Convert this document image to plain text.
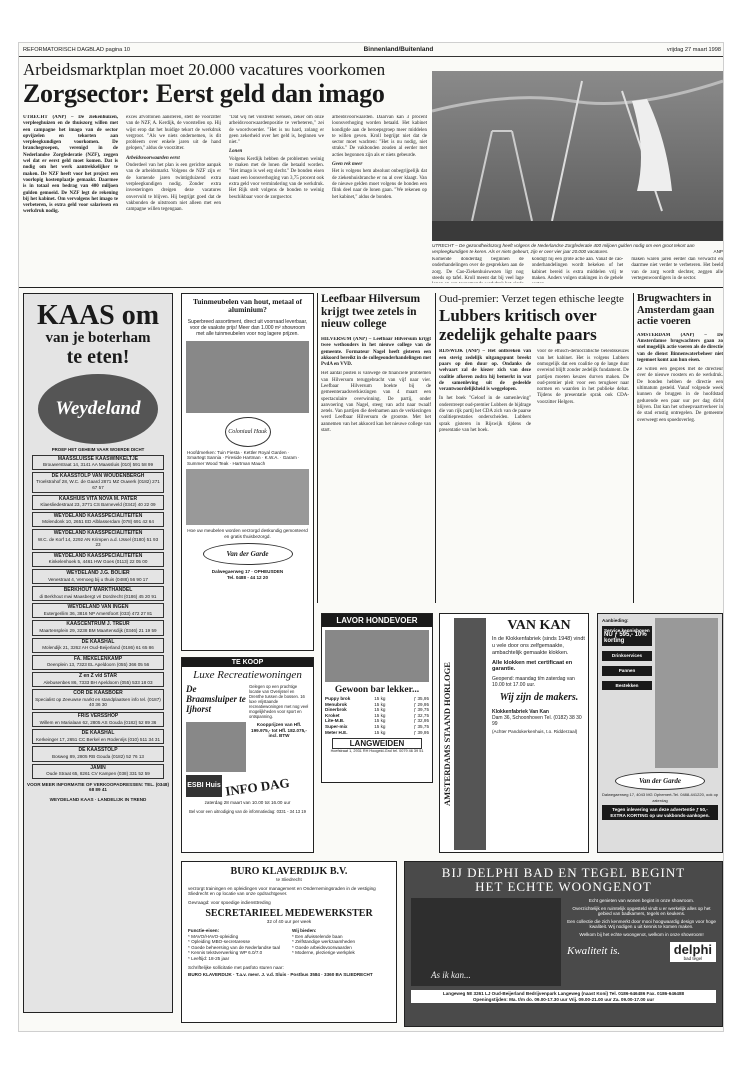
REFORMATORISCH DAGBLAD pagina 10	Binnenland/Buitenland	vrijdag 27 maart 1998
Arbeidsmarktplan moet 20.000 vacatures voorkomen
Zorgsector: Eerst geld dan imago
UTRECHT (ANP) – De ziekenhuizen, verpleeghuizen en de thuiszorg willen met een campagne het imago van de sector opvijzelen en tekorten aan verpleegkundigen voorkomen. De branchegroepen, verenigd in de Nederlandse Zorgfederatie (NZF), zeggen wel dat er eerst geld moet komen. Dat is nodig om het werk aantrekkelijker te maken. De NZF heeft voor het project een voorlopig kostenplaatje gemaakt. Daarmee is in totaal een bedrag van 400 miljoen gulden gemoeid. De NZF legt de rekening bij het kabinet. Om vervolgens het imago te verbeteren, is extra geld voor salarissen en werkdruk nodig.
exces afvoltonen aansteren, stelt de voorzitter van de NZF, A. Kerdijk, de voorstellen op. Hij wijst erop dat het huidige tekort de werkdruk vergroot. "Als we niets ondernemen, is dit probleem over enkele jaren uit de hand gelopen," aldus de voorzitter.
Arbeidsvoorwaarden eerst
Onderdeel van het plan is een gerichte aanpak van de arbeidsmarkt. Volgens de NZF zijn er de komende jaren twintigduizend extra verpleegkundigen nodig. Zonder extra investeringen dreigen deze vacatures onvervuld te blijven. Hij begrijpt goed dat de vakbonden de uitstroom niet alleen met een campagne willen tegengaan.
"Dat wij het volstrekt wensen, zeker om onze arbeidsvoorwaardenpositie te verbeteren," zei de woordvoerder. "Het is nu hard, zolang er geen zekerheid over het geld is, beginnen we niet."
Lonen
Volgens Kerdijk hebben de problemen weinig te maken met de lonen die betaald worden. "Het imago is wel erg slecht." De bonden eisen naast een loonsverhoging van 3,75 procent ook extra geld voor vermindering van de werkdruk. Het Rijk stelt volgens de bonden te weinig beschikbaar voor de zorgsector.
arbeidsvoorwaarden. Daarvan kan 3 procent loonsverhoging worden betaald. Het kabinet kondigde aan de beroepsgroep meer middelen te willen geven. Kroll begrijpt niet dat de sector moet wachten: "Het is nu nodig, niet straks." De vakbonden zouden al eerder met acties begonnen zijn als er niets gebeurde.
Geen rek meer
Het is volgens hem absoluut onbegrijpelijk dat de ziekenhuisbranche er nu al over klaagt. Van de nieuwe gelden moet volgens de bonden een flink deel naar de lonen gaan. "We rekenen op het kabinet," aldus de bonden.
UTRECHT – De gezondheidszorg heeft volgens de Nederlandse Zorgfederatie 400 miljoen gulden nodig om een groot tekort aan verpleegkundigen te keren. Als er niets gebeurt, zijn er over vier jaar 20.000 vacatures.	ANP
Komende donderdag beginnen de onderhandelingen over de gesprekken aan de zorg. De Cao-Ziekenhuiswezen ligt nog steeds op tafel. Kroll meent dat bij veel lage
kondigt hij een grote actie aan. Vanaf de cao-onderhandelingen wordt bekeken of het kabinet bereid is extra middelen vrij te maken. Anders volgen stakingen in de gehele
maken waren jaren eerder dan verwacht en daarmee niet verder te verbeteren. Het beeld van de zorg wordt slechter, zeggen alle vertegenwoordigers in de sector.
KAAS om
van je boterham
te eten!
Weydeland
PROEF HET GEHEIM VAAR WOERDE DICHT
MAASSLUISSE KAASWINKELTJE
Brouwerstraat 14, 3141 AA Maassluis (010) 591 58 99
DE KAASSTOLP VAN WOUDENBERGH
Troelstrahof 28, W.C. de Gaard 2871 MZ Ouwerk (0182) 271 67 57
KAASHUIS VITA NOVA M. PATER
Klaesliedestraat 23, 3771 CS Barneveld (0342) 40 22 09
WEYDELAND KAASSPECIALITEITEN
Molendonk 10, 2651 ED Alblasserdam (078) 691 42 64
WEYDELAND KAASSPECIALITEITEN
W.C. de Korf 14, 2292 AN Krimpen a.d. IJssel (0180) 51 93 23
WEYDELAND KAASSPECIALITEITEN
Kinkelenhoek 5, 4461 HW Goes (0113) 22 05 00
WEYDELAND J.G. BOLIER
Venestraat 4, Vernoeg bij u thuis (0488) 56 90 17
BERKHOUT MARKTHANDEL
di Berkhout mwi Maasbergt vri Dordrecht (0186) 45 20 91
WEYDELAND VAN INGEN
Eutergerilim 36, 3816 NP Amersfoort (033) 472 27 81
KAASCENTRUM J. TREUR
Maartensplein 29, 3238 BM Maartensdijk (0346) 21 19 59
DE KAASHAL
Molendijk 21, 3262 AH Oud-Beijerland (0186) 61 65 86
FA. MEKELENKAMP
Oeenplein 13, 7323 EL Apeldoorn (055) 366 05 56
Z en Z v/d STAR
Alebusenbes 86, 7333 BH Apeldoorn (055) 533 18 03
COR DE KAASBOER
Specialist op Zeeuwse markt en standplaatsen info tel. (0187) 40 36 30
FRIS VERSSHOP
Willem en Marialaan 62, 2805 AS Gouda (0182) 52 89 36
DE KAASHAL
Kerkeinger 17, 2651 CC Berkel en Rodenrijs (010) 511 34 31
DE KAASSTOLP
Bosweg 89, 2805 RB Gouda (0182) 52 76 13
JAMIN
Oude Straat 65, 8261 CV Kampen (038) 331 52 59
VOOR MEER INFORMATIE OF VERKOOPADRESSEN: TEL. (0348) 68 89 41
WEYDELAND KAAS · LANDELIJK IN TREND
Tuinmeubelen van hout, metaal of aluminium?
Superbreed assortiment, direct uit voorraad leverbaar, voor de vaakste prijs! Meer dan 1.000 m² showroom met alle tuinmeubelen voor nog lagere prijzen.
Coloniaal Hauk
Hoofdmerken: Tuin Fiesta · Kettler Royal Garden · Smartegt Sannia · Fireside Hartman · K.W.A. · Garam · Summer Wood Teak · Hartman Mauch
Hoe uw meubelen worden verzorgd deskundig gemonteerd en gratis thuisbezorgd.
Van der Garde
Dalwegaerweg 17 · OPHEUSDEN
Tel. 0488 - 44 12 20
TE KOOP
Luxe Recreatiewoningen
De Braamsluiper te Ijhorst
Gelegen op een prachtige locatie van Overijssel en Drenthe tussen de bossen. 16 luxe vrijstaande recreatiewoningen met nog veel mogelijkheden voor sport en ontspanning.
Koopprijzen van Hfl. 199.975,- tot Hfl. 182.075,- incl. BTW
ESBI Huis INFO DAG
zaterdag 28 maart van 10.00 tot 16.00 uur
Bel voor een uitnodiging van de informatiedag: 0331 - 34 13 19
Leefbaar Hilversum krijgt twee zetels in nieuw college
HILVERSUM (ANP) – Leefbaar Hilversum krijgt twee wethouders in het nieuwe college van de gemeente. Formateur Nagel heeft gisteren een akkoord bereikt in de collegeonderhandelingen met PvdA en VVD.
Het aantal posten is vanwege de financiële problemen van Hilversum teruggebracht van vijf naar vier. Leefbaar Hilversum boekte bij de gemeenteraadsverkiezingen van 4 maart een spectaculaire overwinning. De partij, onder aanvoering van Nagel, steeg van acht naar twaalf zetels. Van partijen die deelnamen aan de verkiezingen werd Leefbaar Hilversum de grootste. Met het aannemen van het akkoord kan het nieuwe college van start.
Oud-premier: Verzet tegen ethische leegte
Lubbers kritisch over zedelijk gehalte paars
RIJSWIJK (ANP) – Het ontbreken van een stevig zedelijk uitgangspunt breekt paars op den duur op. Ondanks de welvaart zal de kiezer zich van deze coalitie afkeren zodra hij bemerkt in wat de samenleving uit de gedeelde verantwoordelijkheid is weggelopen.
In het boek "Geloof in de samenleving" onderstreept oud-premier Lubbers de bijdrage die van rijk partij het CDA zich van de paarse coalitieprestaties onderscheiden. Lubbers sprak gisteren in Rijswijk tijdens de presentatie van het boek.
voor de ethisch-democratische beleidskeuzes van het kabinet. Het is volgens Lubbers onmogelijk dat een coalitie op de lange duur overeind blijft zonder zedelijk fundament. De partijen moeten keuzes durven maken. De oud-premier pleit voor een terugkeer naar normen en waarden in het publieke debat. Tijdens de presentatie sprak ook CDA-voorzitter Helgers.
Brugwachters in Amsterdam gaan actie voeren
AMSTERDAM (ANP) – De Amsterdamse brugwachters gaan zo snel mogelijk actie voeren als de directie van de dienst Binnenwaterbeheer niet tegemoet komt aan hun eisen.
Ze willen een gesprek met de directeur over de nieuwe roosters en de werkdruk. De bonden hebben de directie een ultimatum gesteld. Vanaf volgende week kunnen de bruggen in de hoofdstad gedurende een paar uur per dag dicht blijven. Dat kan het scheepvaartverkeer in de stad ernstig ontregelen. De gemeente overweegt een spoedoverleg.
LAVOR HONDEVOER
Gewoon bar lekker...
Puppy brok	15 kg	ƒ 35,95
Menubrok	15 kg	ƒ 29,95
Dinerbrok	15 kg	ƒ 39,75
Kroket	15 kg	ƒ 32,75
Lite-M.B.	15 kg	ƒ 32,95
Super-mix	15 kg	ƒ 35,75
Meter H.E.	15 kg	ƒ 39,95
LANGWEIDEN
Hoefstraat 1, 2931 RH Hoogeld-Grol tel. 0079 46 39 51	AMSTERDAMS STAAND HORLOGE
VAN KAN
In de Klokkenfabriek (sinds 1948) vindt u vele door ons zelfgemaakte, ambachtelijk gemaakte klokken.
Alle klokken met certificaat en garantie.
Geopend: maandag t/m zaterdag van 10.00 tot 17.00 uur.
Wij zijn de makers.
Klokkenfabriek Van Kan
Dam 36, Schoonhoven Tel. (0182) 38 30 99
(Achter Pandokerkenhuis, t.o. Ridderzaal)
Aanbieding:
Service kennisboven
NU ƒ 595,- 10% korting
Drinkservices
Pannen
Bestekken
Van der Garde
Dalwegaerweg 17, 4043 MG Ophemert-Tel. 0488-441220, ook op zaterdag
Tegen inlevering van deze advertentie ƒ 50,- EXTRA KORTING op uw vakbonds-aankopen.
BURO KLAVERDIJK B.V.
te Sliedrecht
verzorgt trainingen en opleidingen voor management en Ondernemingsraden in de vestiging Sliedrecht en op locatie van onze opdrachtgever.
Gevraagd: voor spoedige indiensttreding
SECRETARIEEL MEDEWERKSTER
32 of 40 uur per week
Functie-eisen:
* MAVO/HAVO-opleiding
* Opleiding MBO-secretaresse
* Goede beheersing van de Nederlandse taal
* Kennis tekstverwerking WP 6.0/7.0
* Leeftijd: 18-25 jaar
Wij bieden:
* Een afwisselende baan
* Zelfstandige werkzaamheden
* Goede arbeidsvoorwaarden
* Moderne, plezierige werkplek
Schriftelijke sollicitatie met pasfoto sturen naar:
BURO KLAVERDIJK · T.a.v. mevr. J. v.d. Sluis · Postbus 3584 · 3360 BA SLIEDRECHT
BIJ DELPHI BAD EN TEGEL BEGINT
HET ECHTE WOONGENOT
As ik kan...
Echt genieten van wonen begint in onze showroom.
Overzichtelijk en ruimtelijk opgesteld vindt u er werkelijk alles op het gebied van badkamers, tegels en keukens.
Een collectie die zich kenmerkt door mooi hoogwaardig design voor hoge kwaliteit. Wij nodigen u uit kennis te komen maken.
Welkom bij het echte woongenot, welkom in onze showroom!
Kwaliteit is.	delphi
bad tegel
Langeweg 5E 3261 LJ Oud-Beijerland Bedrijvenpark Langeweg (naast Koni) Tel. 0186-646486 Fax. 0186-646488
Openingstijden: Ma. t/m do. 09.00-17.30 uur Vrij. 09.00-21.00 uur Za. 09.00-17.00 uur
